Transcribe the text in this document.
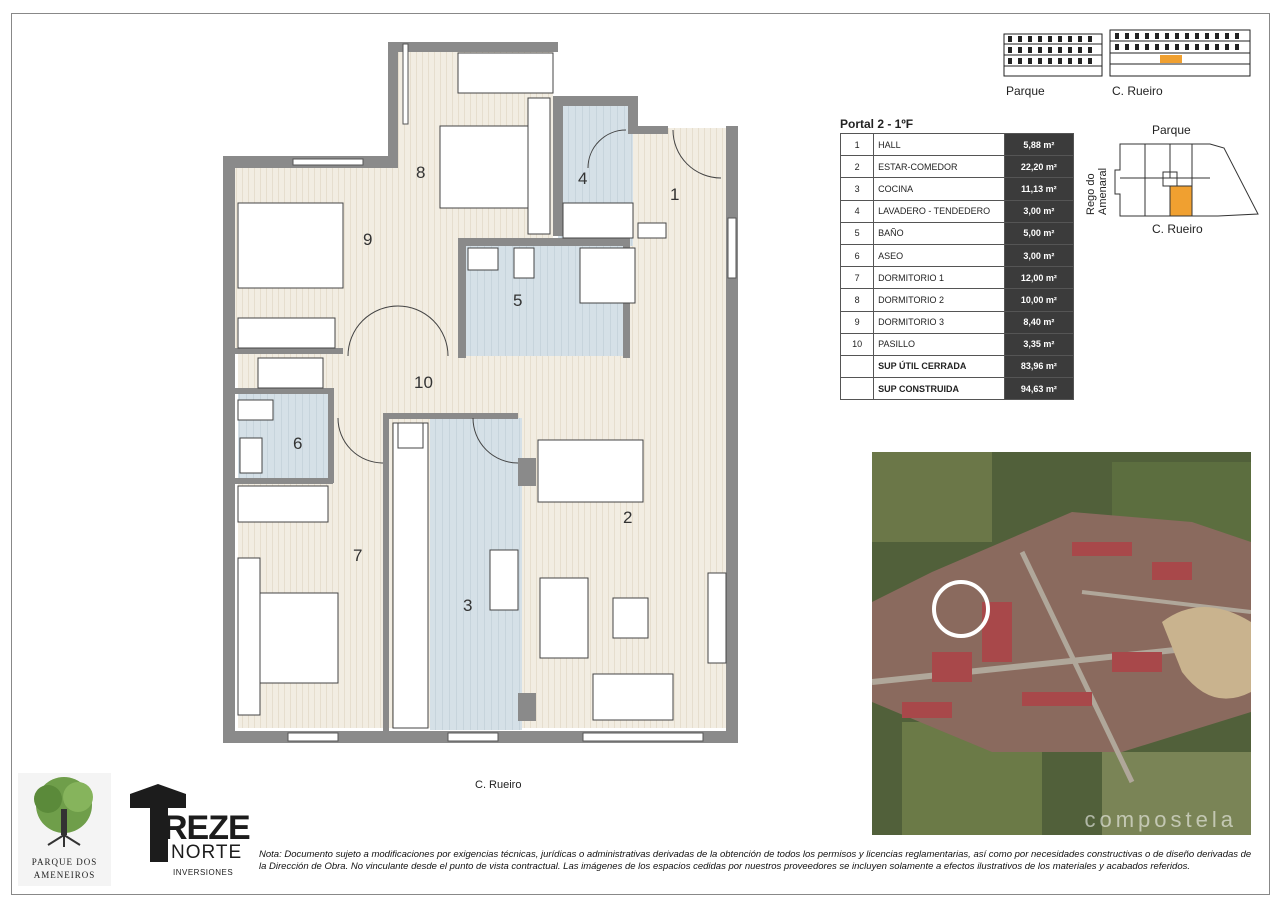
1
2
3
4
5
6
7
8
9
10
Parque	C. Rueiro
Portal 2 - 1ºF
1	HALL	5,88 m²
2	ESTAR-COMEDOR	22,20 m²
3	COCINA	11,13 m²
4	LAVADERO - TENDEDERO	3,00 m²
5	BAÑO	5,00 m²
6	ASEO	3,00 m²
7	DORMITORIO 1	12,00 m²
8	DORMITORIO 2	10,00 m²
9	DORMITORIO 3	8,40 m²
10	PASILLO	3,35 m²
	SUP ÚTIL CERRADA	83,96 m²
	SUP CONSTRUIDA	94,63 m²
Parque
C. Rueiro
Rego do Amenaral
compostela
C. Rueiro
PARQUE DOS
AMENEIROS
REZE
NORTE
INVERSIONES
Nota: Documento sujeto a modificaciones por exigencias técnicas, jurídicas o administrativas derivadas de la obtención de todos los permisos y licencias reglamentarias, así como por necesidades constructivas o de diseño derivadas de la Dirección de Obra. No vinculante desde el punto de vista contractual. Las imágenes de los espacios cedidas por nuestros proveedores se incluyen solamente a efectos ilustrativos de los materiales y acabados referidos.
